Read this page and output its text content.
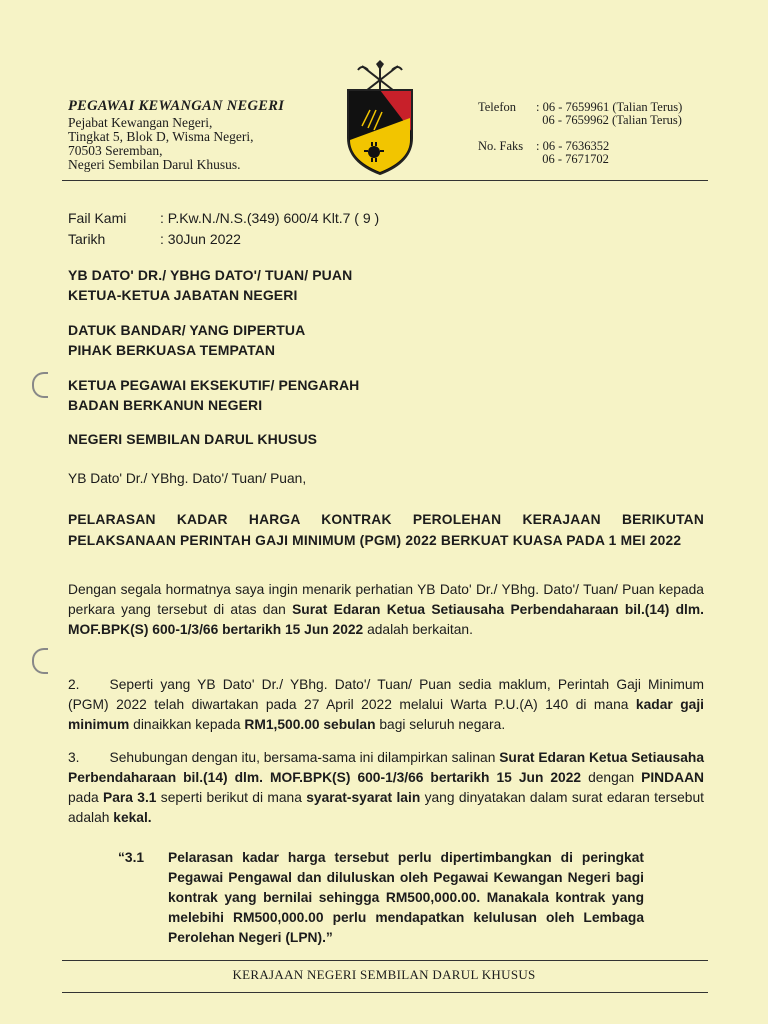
PEGAWAI KEWANGAN NEGERI
Pejabat Kewangan Negeri,
Tingkat 5, Blok D, Wisma Negeri,
70503 Seremban,
Negeri Sembilan Darul Khusus.
Telefon	: 06 - 7659961 (Talian Terus)

06 - 7659962 (Talian Terus)
No. Faks	: 06 - 7636352

06 - 7671702
Fail Kami	: P.Kw.N./N.S.(349) 600/4 Klt.7 ( 9 )
Tarikh	: 30Jun 2022
YB DATO' DR./ YBHG DATO'/ TUAN/ PUAN
KETUA-KETUA JABATAN NEGERI
DATUK BANDAR/ YANG DIPERTUA
PIHAK BERKUASA TEMPATAN
KETUA PEGAWAI EKSEKUTIF/ PENGARAH
BADAN BERKANUN NEGERI
NEGERI SEMBILAN DARUL KHUSUS
YB Dato' Dr./ YBhg. Dato'/ Tuan/ Puan,
PELARASAN KADAR HARGA KONTRAK PEROLEHAN KERAJAAN BERIKUTAN PELAKSANAAN PERINTAH GAJI MINIMUM (PGM) 2022 BERKUAT KUASA PADA 1 MEI 2022
Dengan segala hormatnya saya ingin menarik perhatian YB Dato' Dr./ YBhg. Dato'/ Tuan/ Puan kepada perkara yang tersebut di atas dan Surat Edaran Ketua Setiausaha Perbendaharaan bil.(14) dlm. MOF.BPK(S) 600-1/3/66 bertarikh 15 Jun 2022 adalah berkaitan.
2. Seperti yang YB Dato' Dr./ YBhg. Dato'/ Tuan/ Puan sedia maklum, Perintah Gaji Minimum (PGM) 2022 telah diwartakan pada 27 April 2022 melalui Warta P.U.(A) 140 di mana kadar gaji minimum dinaikkan kepada RM1,500.00 sebulan bagi seluruh negara.
3. Sehubungan dengan itu, bersama-sama ini dilampirkan salinan Surat Edaran Ketua Setiausaha Perbendaharaan bil.(14) dlm. MOF.BPK(S) 600-1/3/66 bertarikh 15 Jun 2022 dengan PINDAAN pada Para 3.1 seperti berikut di mana syarat-syarat lain yang dinyatakan dalam surat edaran tersebut adalah kekal.
“3.1 Pelarasan kadar harga tersebut perlu dipertimbangkan di peringkat Pegawai Pengawal dan diluluskan oleh Pegawai Kewangan Negeri bagi kontrak yang bernilai sehingga RM500,000.00. Manakala kontrak yang melebihi RM500,000.00 perlu mendapatkan kelulusan oleh Lembaga Perolehan Negeri (LPN).”
KERAJAAN NEGERI SEMBILAN DARUL KHUSUS
